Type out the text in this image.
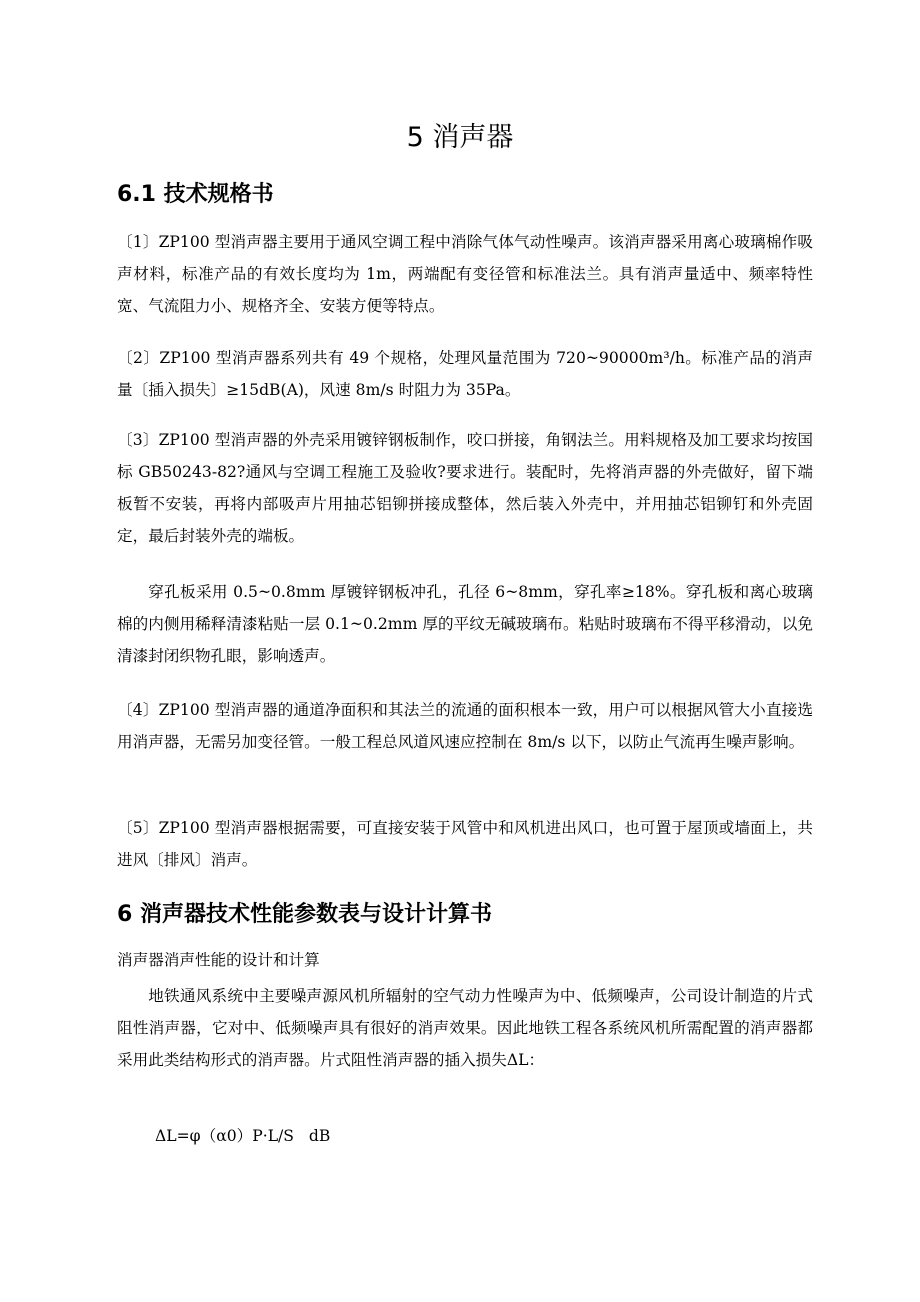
5 消声器
6.1 技术规格书

〔1〕ZP100 型消声器主要用于通风空调工程中消除气体气动性噪声。该消声器采用离心玻璃棉作吸声材料，标准产品的有效长度均为 1m，两端配有变径管和标准法兰。具有消声量适中、频率特性宽、气流阻力小、规格齐全、安装方便等特点。

〔2〕ZP100 型消声器系列共有 49 个规格，处理风量范围为 720~90000m³/h。标准产品的消声量〔插入损失〕≥15dB(A)，风速 8m/s 时阻力为 35Pa。

〔3〕ZP100 型消声器的外壳采用镀锌钢板制作，咬口拼接，角钢法兰。用料规格及加工要求均按国标 GB50243-82?通风与空调工程施工及验收?要求进行。装配时，先将消声器的外壳做好，留下端板暂不安装，再将内部吸声片用抽芯铝铆拼接成整体，然后装入外壳中，并用抽芯铝铆钉和外壳固定，最后封装外壳的端板。

穿孔板采用 0.5~0.8mm 厚镀锌钢板冲孔，孔径 6~8mm，穿孔率≥18%。穿孔板和离心玻璃棉的内侧用稀释清漆粘贴一层 0.1~0.2mm 厚的平纹无碱玻璃布。粘贴时玻璃布不得平移滑动，以免清漆封闭织物孔眼，影响透声。

〔4〕ZP100 型消声器的通道净面积和其法兰的流通的面积根本一致，用户可以根据风管大小直接选用消声器，无需另加变径管。一般工程总风道风速应控制在 8m/s 以下，以防止气流再生噪声影响。

〔5〕ZP100 型消声器根据需要，可直接安装于风管中和风机进出风口，也可置于屋顶或墙面上，共进风〔排风〕消声。

6 消声器技术性能参数表与设计计算书
消声器消声性能的设计和计算

地铁通风系统中主要噪声源风机所辐射的空气动力性噪声为中、低频噪声，公司设计制造的片式阻性消声器，它对中、低频噪声具有很好的消声效果。因此地铁工程各系统风机所需配置的消声器都采用此类结构形式的消声器。片式阻性消声器的插入损失ΔL：

ΔL=φ（α0）P·L/S   dB
